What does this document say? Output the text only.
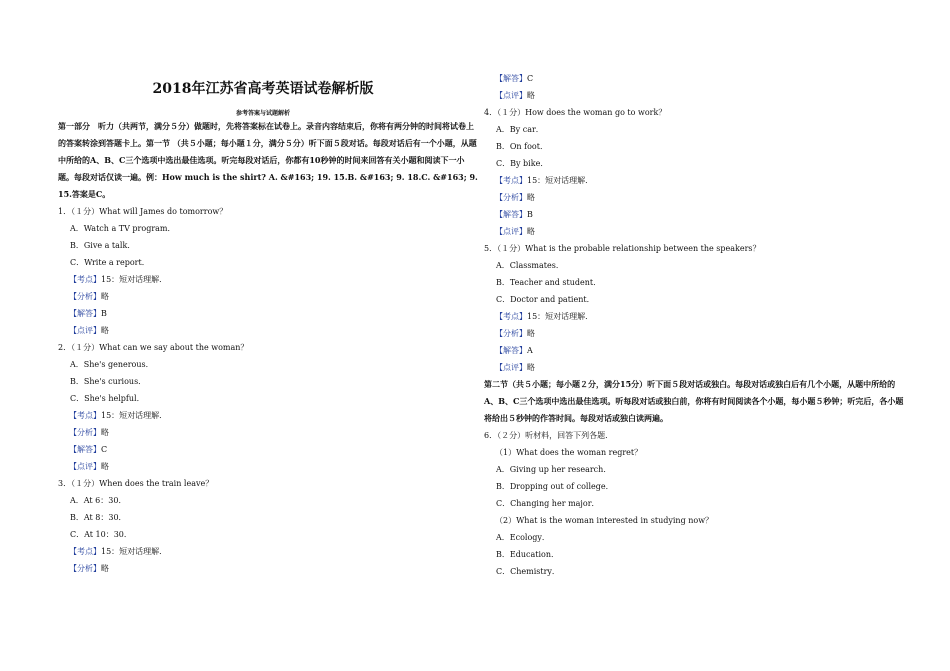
2018年江苏省高考英语试卷解析版
参考答案与试题解析

第一部分　听力（共两节，满分５分）做题时，先将答案标在试卷上。录音内容结束后，你将有两分钟的时间将试卷上的答案转涂到答题卡上。第一节 （共５小题；每小题１分，满分５分）听下面５段对话。每段对话后有一个小题，从题中所给的A、B、C三个选项中选出最佳选项。听完每段对话后，你都有10秒钟的时间来回答有关小题和阅读下一小题。每段对话仅读一遍。例：How much is the shirt? A. &#163; 19. 15.B. &#163; 9. 18.C. &#163; 9. 15.答案是C。

1．（１分）What will James do tomorrow？
A．Watch a TV program．
B．Give a talk．
C．Write a report．
【考点】15：短对话理解．
【分析】略
【解答】B
【点评】略
2．（１分）What can we say about the woman？
A．She's generous．
B．She's curious．
C．She's helpful．
【考点】15：短对话理解．
【分析】略
【解答】C
【点评】略
3．（１分）When does the train leave？
A．At 6：30．
B．At 8：30．
C．At 10：30．
【考点】15：短对话理解．
【分析】略
【解答】C
【点评】略
4．（１分）How does the woman go to work？
A．By car．
B．On foot．
C．By bike．
【考点】15：短对话理解．
【分析】略
【解答】B
【点评】略
5．（１分）What is the probable relationship between the speakers？
A．Classmates．
B．Teacher and student．
C．Doctor and patient．
【考点】15：短对话理解．
【分析】略
【解答】A
【点评】略

第二节（共５小题；每小题２分，满分15分）听下面５段对话或独白。每段对话或独白后有几个小题，从题中所给的A、B、C三个选项中选出最佳选项。听每段对话或独白前，你将有时间阅读各个小题，每小题５秒钟；听完后，各小题将给出５秒钟的作答时间。每段对话或独白读两遍。

6．（２分）听材料，回答下列各题．
（1）What does the woman regret？
A．Giving up her research．
B．Dropping out of college．
C．Changing her major．
（2）What is the woman interested in studying now？
A．Ecology．
B．Education．
C．Chemistry．
